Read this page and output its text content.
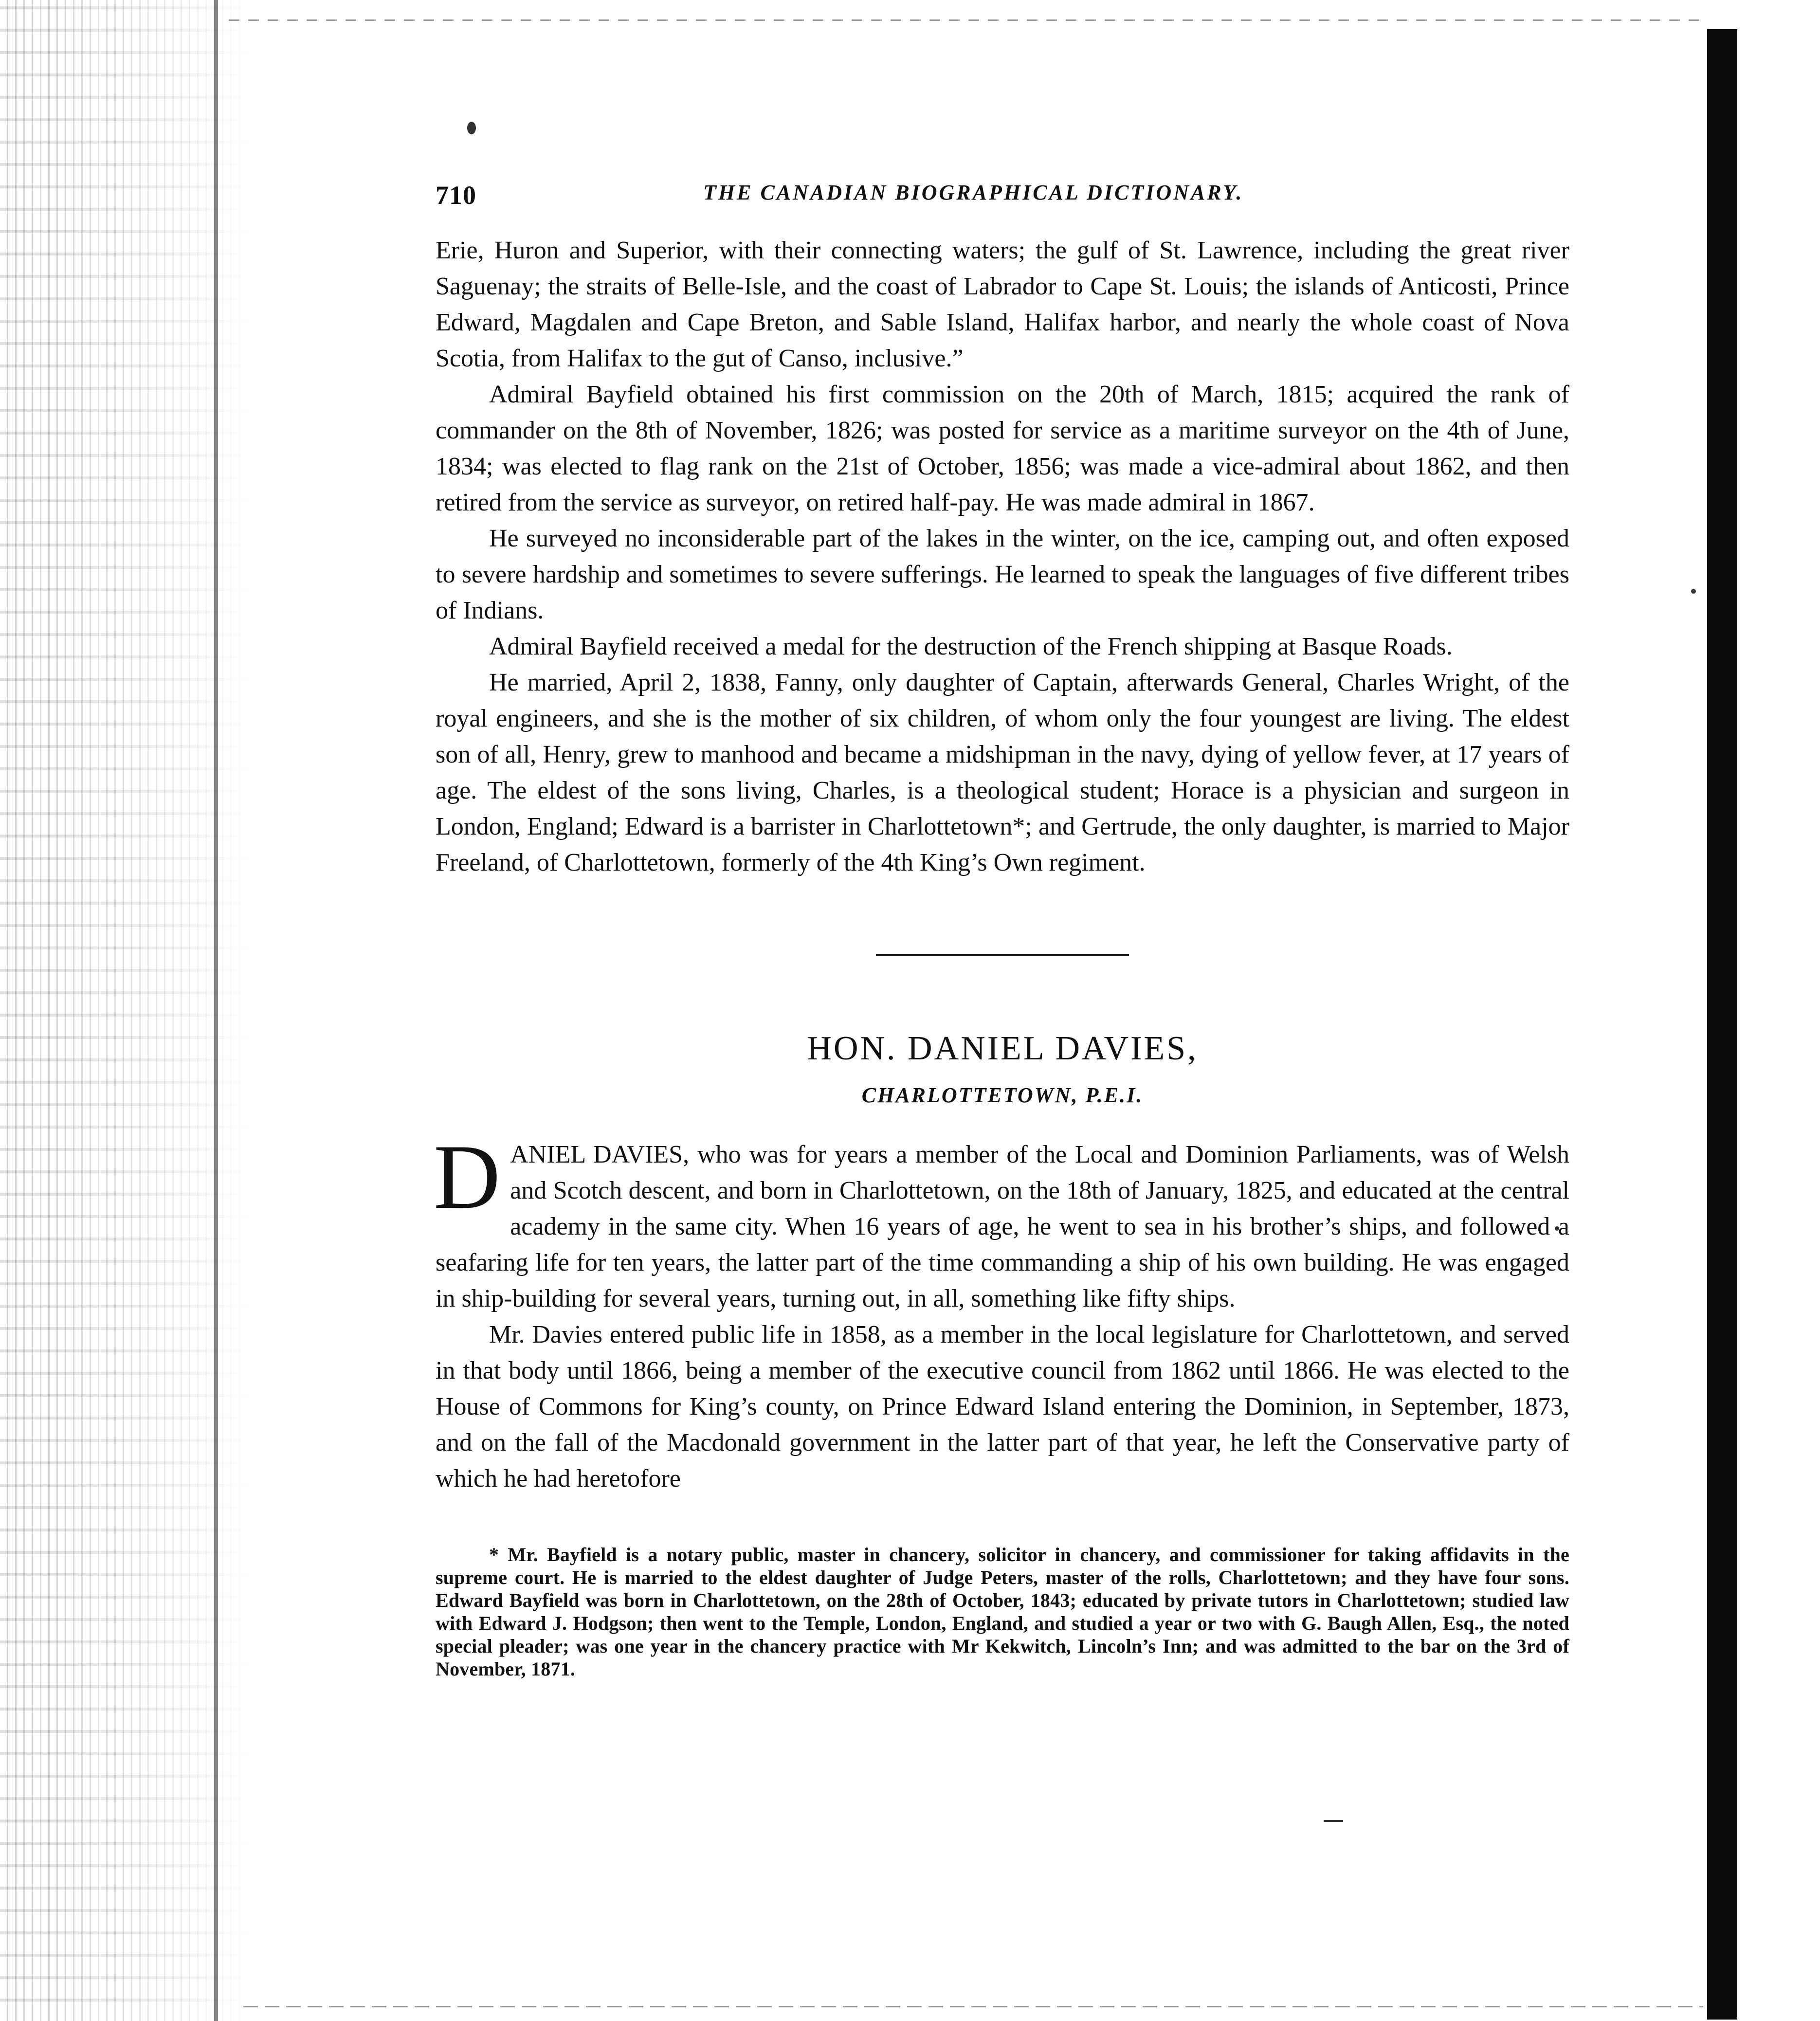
710	THE CANADIAN BIOGRAPHICAL DICTIONARY.

Erie, Huron and Superior, with their connecting waters; the gulf of St. Lawrence, including the great river Saguenay; the straits of Belle-Isle, and the coast of Labrador to Cape St. Louis; the islands of Anticosti, Prince Edward, Magdalen and Cape Breton, and Sable Island, Halifax harbor, and nearly the whole coast of Nova Scotia, from Halifax to the gut of Canso, inclusive.”

Admiral Bayfield obtained his first commission on the 20th of March, 1815; acquired the rank of commander on the 8th of November, 1826; was posted for service as a maritime surveyor on the 4th of June, 1834; was elected to flag rank on the 21st of October, 1856; was made a vice-admiral about 1862, and then retired from the service as surveyor, on retired half-pay. He was made admiral in 1867.

He surveyed no inconsiderable part of the lakes in the winter, on the ice, camping out, and often exposed to severe hardship and sometimes to severe sufferings. He learned to speak the languages of five different tribes of Indians.

Admiral Bayfield received a medal for the destruction of the French shipping at Basque Roads.

He married, April 2, 1838, Fanny, only daughter of Captain, afterwards General, Charles Wright, of the royal engineers, and she is the mother of six children, of whom only the four youngest are living. The eldest son of all, Henry, grew to manhood and became a midshipman in the navy, dying of yellow fever, at 17 years of age. The eldest of the sons living, Charles, is a theological student; Horace is a physician and surgeon in London, England; Edward is a barrister in Charlottetown*; and Gertrude, the only daughter, is married to Major Freeland, of Charlottetown, formerly of the 4th King’s Own regiment.

HON. DANIEL DAVIES,
CHARLOTTETOWN, P.E.I.

DANIEL DAVIES, who was for years a member of the Local and Dominion Parliaments, was of Welsh and Scotch descent, and born in Charlottetown, on the 18th of January, 1825, and educated at the central academy in the same city. When 16 years of age, he went to sea in his brother’s ships, and followed a seafaring life for ten years, the latter part of the time commanding a ship of his own building. He was engaged in ship-building for several years, turning out, in all, something like fifty ships.

Mr. Davies entered public life in 1858, as a member in the local legislature for Charlottetown, and served in that body until 1866, being a member of the executive council from 1862 until 1866. He was elected to the House of Commons for King’s county, on Prince Edward Island entering the Dominion, in September, 1873, and on the fall of the Macdonald government in the latter part of that year, he left the Conservative party of which he had heretofore

* Mr. Bayfield is a notary public, master in chancery, solicitor in chancery, and commissioner for taking affidavits in the supreme court. He is married to the eldest daughter of Judge Peters, master of the rolls, Charlottetown; and they have four sons. Edward Bayfield was born in Charlottetown, on the 28th of October, 1843; educated by private tutors in Charlottetown; studied law with Edward J. Hodgson; then went to the Temple, London, England, and studied a year or two with G. Baugh Allen, Esq., the noted special pleader; was one year in the chancery practice with Mr Kekwitch, Lincoln’s Inn; and was admitted to the bar on the 3rd of November, 1871.
